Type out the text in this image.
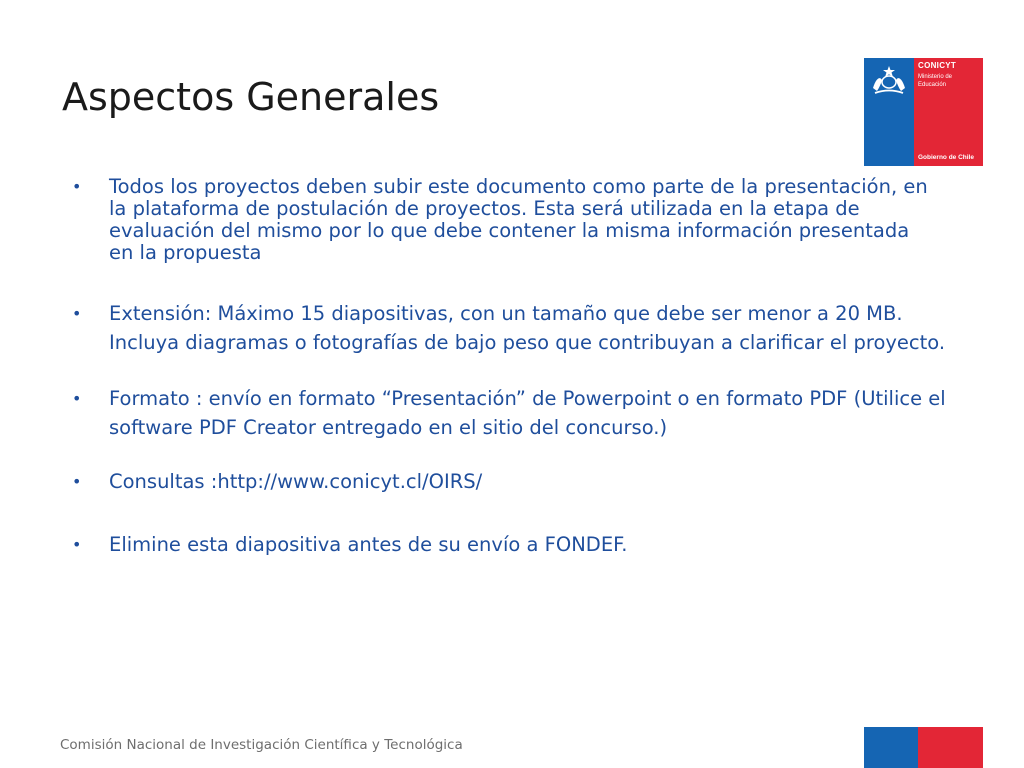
Aspectos Generales
CONICYT
Ministerio de
Educación
Gobierno de Chile
• Todos los proyectos deben subir este documento como parte de la presentación, en la plataforma de postulación de proyectos. Esta será utilizada en la etapa de evaluación del mismo por lo que debe contener la misma información presentada en la propuesta
• Extensión: Máximo 15 diapositivas, con un tamaño que debe ser menor a 20 MB. Incluya diagramas o fotografías de bajo peso que contribuyan a clarificar el proyecto.
• Formato : envío en formato “Presentación” de Powerpoint o en formato PDF (Utilice el software PDF Creator entregado en el sitio del concurso.)
• Consultas :http://www.conicyt.cl/OIRS/
• Elimine esta diapositiva antes de su envío a FONDEF.
Comisión Nacional de Investigación Científica y Tecnológica
